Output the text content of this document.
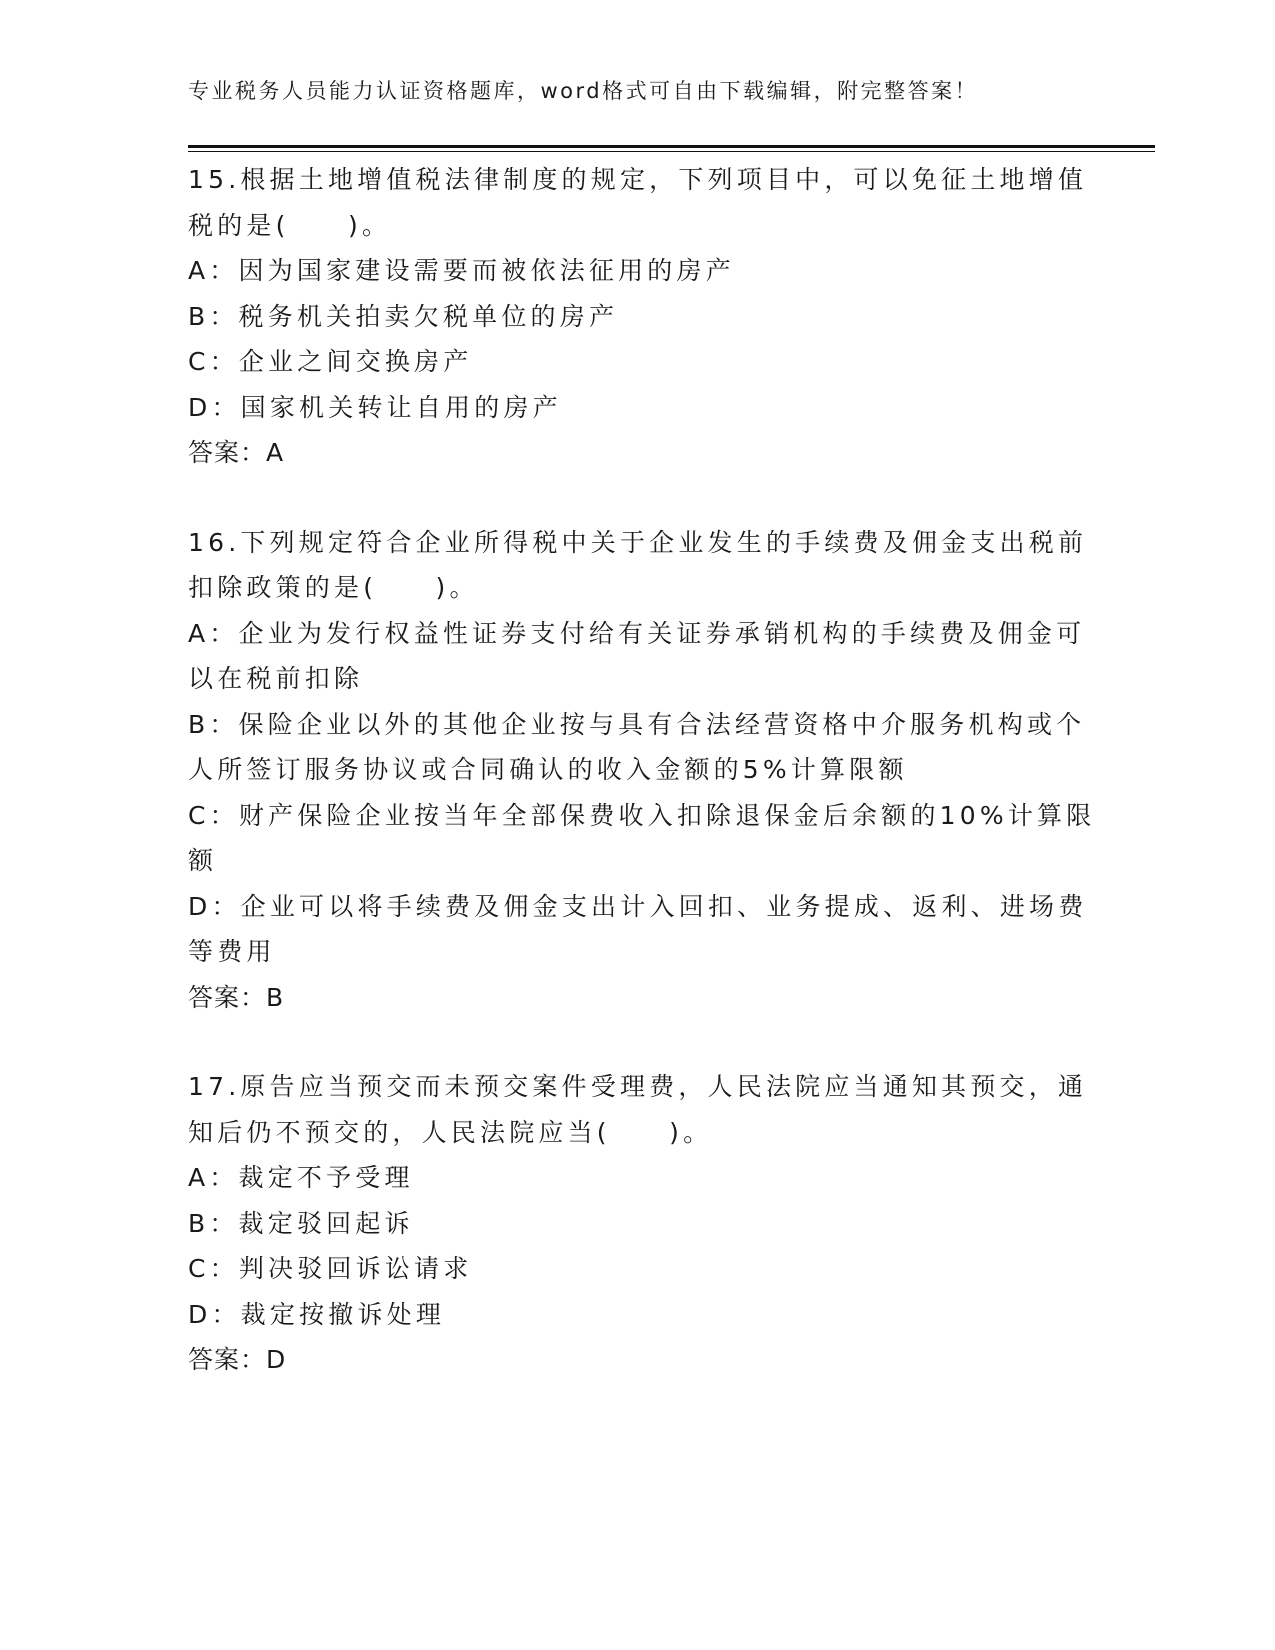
专业税务人员能力认证资格题库，word格式可自由下载编辑，附完整答案！
15.根据土地增值税法律制度的规定，下列项目中，可以免征土地增值
税的是(　　)。
A：因为国家建设需要而被依法征用的房产
B：税务机关拍卖欠税单位的房产
C：企业之间交换房产
D：国家机关转让自用的房产
答案：A
16.下列规定符合企业所得税中关于企业发生的手续费及佣金支出税前
扣除政策的是(　　)。
A：企业为发行权益性证券支付给有关证券承销机构的手续费及佣金可
以在税前扣除
B：保险企业以外的其他企业按与具有合法经营资格中介服务机构或个
人所签订服务协议或合同确认的收入金额的5%计算限额
C：财产保险企业按当年全部保费收入扣除退保金后余额的10%计算限
额
D：企业可以将手续费及佣金支出计入回扣、业务提成、返利、进场费
等费用
答案：B
17.原告应当预交而未预交案件受理费，人民法院应当通知其预交，通
知后仍不预交的，人民法院应当(　　)。
A：裁定不予受理
B：裁定驳回起诉
C：判决驳回诉讼请求
D：裁定按撤诉处理
答案：D
